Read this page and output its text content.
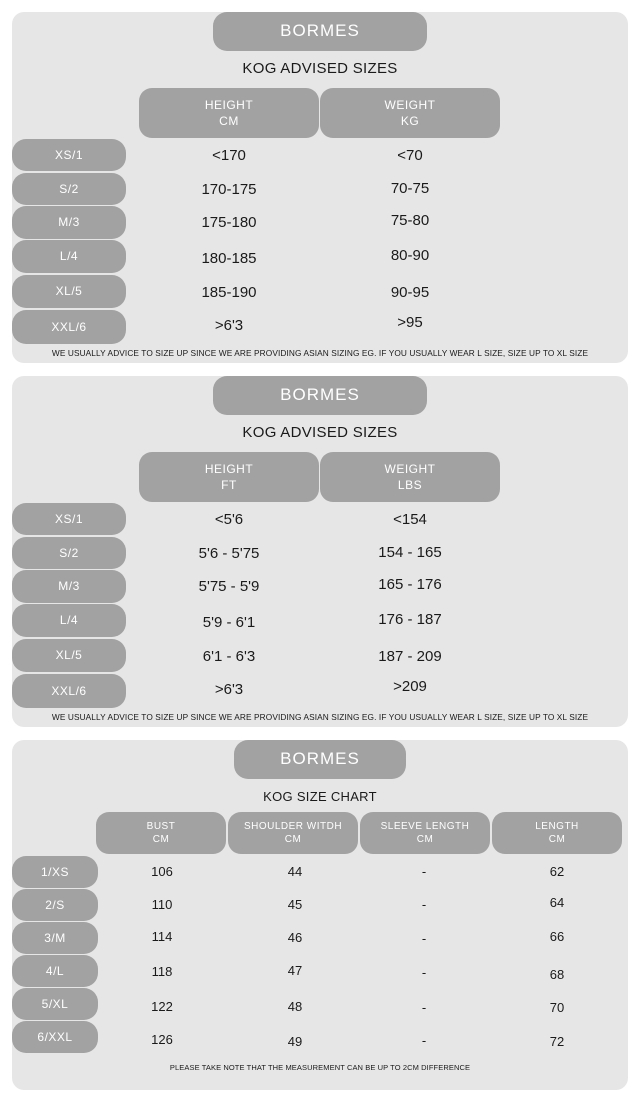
BORMES
KOG ADVISED SIZES
HEIGHT
CM
WEIGHT
KG
XS/1	<170	<70
S/2	170-175	70-75
M/3	175-180	75-80
L/4	180-185	80-90
XL/5	185-190	90-95
XXL/6	>6'3	>95
WE USUALLY ADVICE TO SIZE UP SINCE WE ARE PROVIDING ASIAN SIZING EG. IF YOU USUALLY WEAR L SIZE, SIZE UP TO XL SIZE
BORMES
KOG ADVISED SIZES
HEIGHT
FT
WEIGHT
LBS
XS/1	<5'6	<154
S/2	5'6 - 5'75	154 - 165
M/3	5'75 - 5'9	165 - 176
L/4	5'9 - 6'1	176 - 187
XL/5	6'1 - 6'3	187 - 209
XXL/6	>6'3	>209
WE USUALLY ADVICE TO SIZE UP SINCE WE ARE PROVIDING ASIAN SIZING EG. IF YOU USUALLY WEAR L SIZE, SIZE UP TO XL SIZE
BORMES
KOG SIZE CHART
BUST
CM
SHOULDER WITDH
CM
SLEEVE LENGTH
CM
LENGTH
CM
1/XS	106	44	-	62
2/S	110	45	-	64
3/M	114	46	-	66
4/L	118	47	-	68
5/XL	122	48	-	70
6/XXL	126	49	-	72
PLEASE TAKE NOTE THAT THE MEASUREMENT CAN BE UP TO 2CM DIFFERENCE
